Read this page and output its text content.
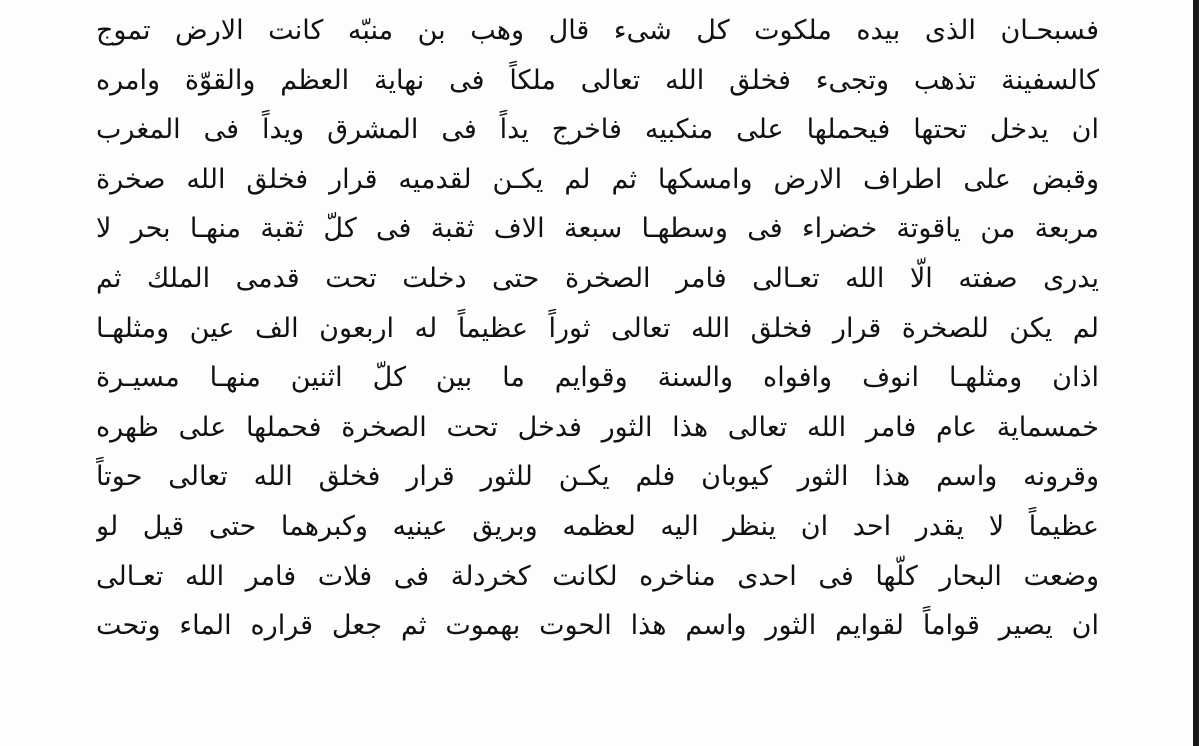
فسبحـان الذى بيده ملكوت كل شىء قال وهب بن منبّه كانت الارض تموج
كالسفينة تذهب وتجىء فخلق الله تعالى ملكاً فى نهاية العظم والقوّة وامره
ان يدخل تحتها فيحملها على منكبيه فاخرج يداً فى المشرق ويداً فى المغرب
وقبض على اطراف الارض وامسكها ثم لم يكـن لقدميه قرار فخلق الله صخرة
مربعة من ياقوتة خضراء فى وسطهـا سبعة الاف ثقبة فى كلّ ثقبة منهـا بحر لا
يدرى صفته الّا الله تعـالى فامر الصخرة حتى دخلت تحت قدمى الملك ثم
لم يكن للصخرة قرار فخلق الله تعالى ثوراً عظيماً له اربعون الف عين ومثلهـا
اذان ومثلهـا انوف وافواه والسنة وقوايم ما بين كلّ اثنين منهـا مسيـرة
خمسماية عام فامر الله تعالى هذا الثور فدخل تحت الصخرة فحملها على ظهره
وقرونه واسم هذا الثور كيوبان فلم يكـن للثور قرار فخلق الله تعالى حوتاً
عظيماً لا يقدر احد ان ينظر اليه لعظمه وبريق عينيه وكبرهما حتى قيل لو
وضعت البحار كلّها فى احدى مناخره لكانت كخردلة فى فلات فامر الله تعـالى
ان يصير قواماً لقوايم الثور واسم هذا الحوت بهموت ثم جعل قراره الماء وتحت
